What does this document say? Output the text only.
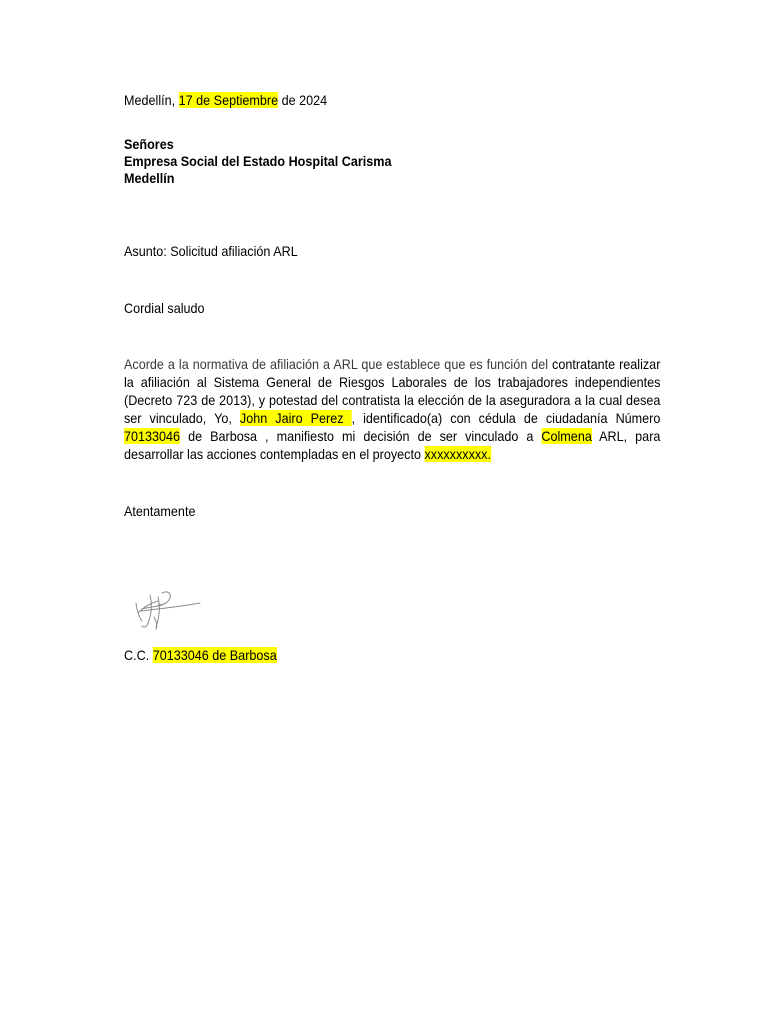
Medellín, 17 de Septiembre de 2024
Señores
Empresa Social del Estado Hospital Carisma
Medellín
Asunto: Solicitud afiliación ARL
Cordial saludo
Acorde a la normativa de afiliación a ARL que establece que es función del contratante realizar la afiliación al Sistema General de Riesgos Laborales de los trabajadores independientes (Decreto 723 de 2013), y potestad del contratista la elección de la aseguradora a la cual desea ser vinculado, Yo, John Jairo Perez , identificado(a) con cédula de ciudadanía Número 70133046 de Barbosa , manifiesto mi decisión de ser vinculado a Colmena ARL, para desarrollar las acciones contempladas en el proyecto xxxxxxxxxx.
Atentamente
C.C. 70133046 de Barbosa
